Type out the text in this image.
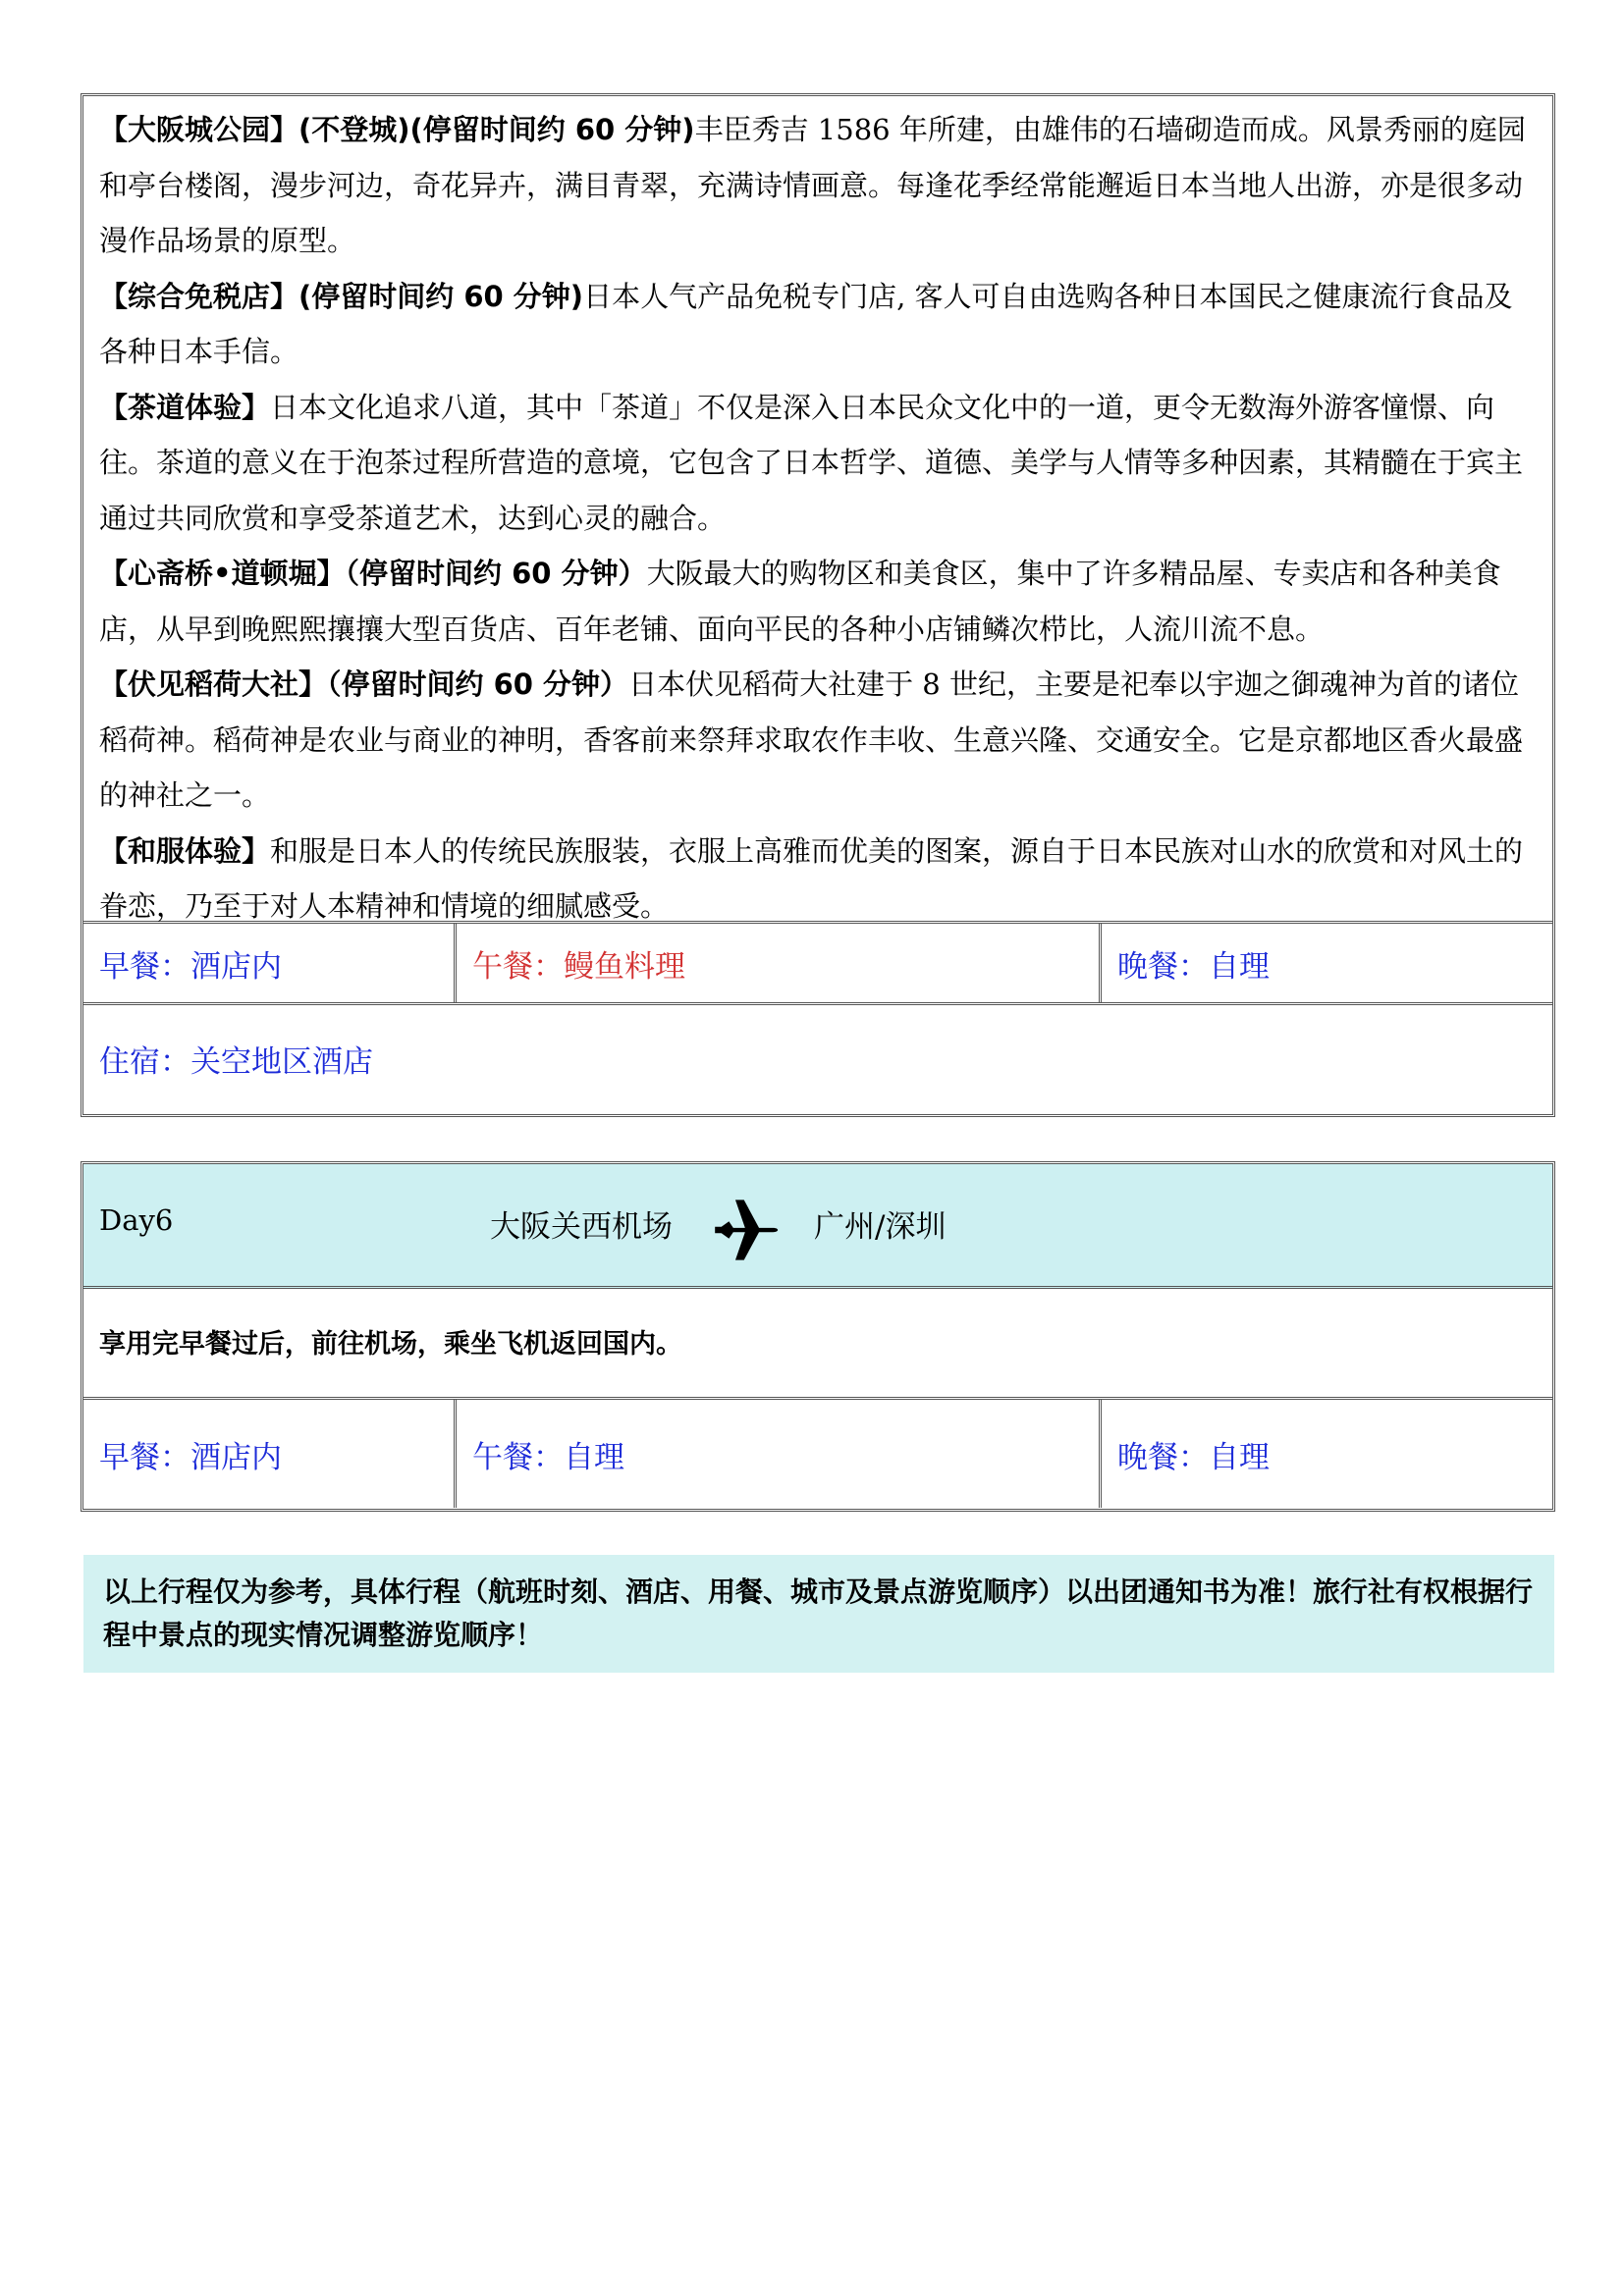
【大阪城公园】(不登城)(停留时间约 60 分钟)丰臣秀吉 1586 年所建，由雄伟的石墙砌造而成。风景秀丽的庭园和亭台楼阁，漫步河边，奇花异卉，满目青翠，充满诗情画意。每逢花季经常能邂逅日本当地人出游，亦是很多动漫作品场景的原型。
【综合免税店】(停留时间约 60 分钟)日本人气产品免税专门店, 客人可自由选购各种日本国民之健康流行食品及各种日本手信。
【茶道体验】日本文化追求八道，其中「茶道」不仅是深入日本民众文化中的一道，更令无数海外游客憧憬、向往。茶道的意义在于泡茶过程所营造的意境，它包含了日本哲学、道德、美学与人情等多种因素，其精髓在于宾主通过共同欣赏和享受茶道艺术，达到心灵的融合。
【心斋桥•道顿堀】（停留时间约 60 分钟）大阪最大的购物区和美食区，集中了许多精品屋、专卖店和各种美食店，从早到晚熙熙攘攘大型百货店、百年老铺、面向平民的各种小店铺鳞次栉比，人流川流不息。
【伏见稻荷大社】（停留时间约 60 分钟）日本伏见稻荷大社建于 8 世纪，主要是祀奉以宇迦之御魂神为首的诸位稻荷神。稻荷神是农业与商业的神明，香客前来祭拜求取农作丰收、生意兴隆、交通安全。它是京都地区香火最盛的神社之一。
【和服体验】和服是日本人的传统民族服装，衣服上高雅而优美的图案，源自于日本民族对山水的欣赏和对风土的眷恋，乃至于对人本精神和情境的细腻感受。
早餐：酒店内	午餐：鳗鱼料理	晚餐：自理
住宿：关空地区酒店
Day6	大阪关西机场	广州/深圳
享用完早餐过后，前往机场，乘坐飞机返回国内。
早餐：酒店内	午餐：自理	晚餐：自理
以上行程仅为参考，具体行程（航班时刻、酒店、用餐、城市及景点游览顺序）以出团通知书为准！旅行社有权根据行程中景点的现实情况调整游览顺序！
